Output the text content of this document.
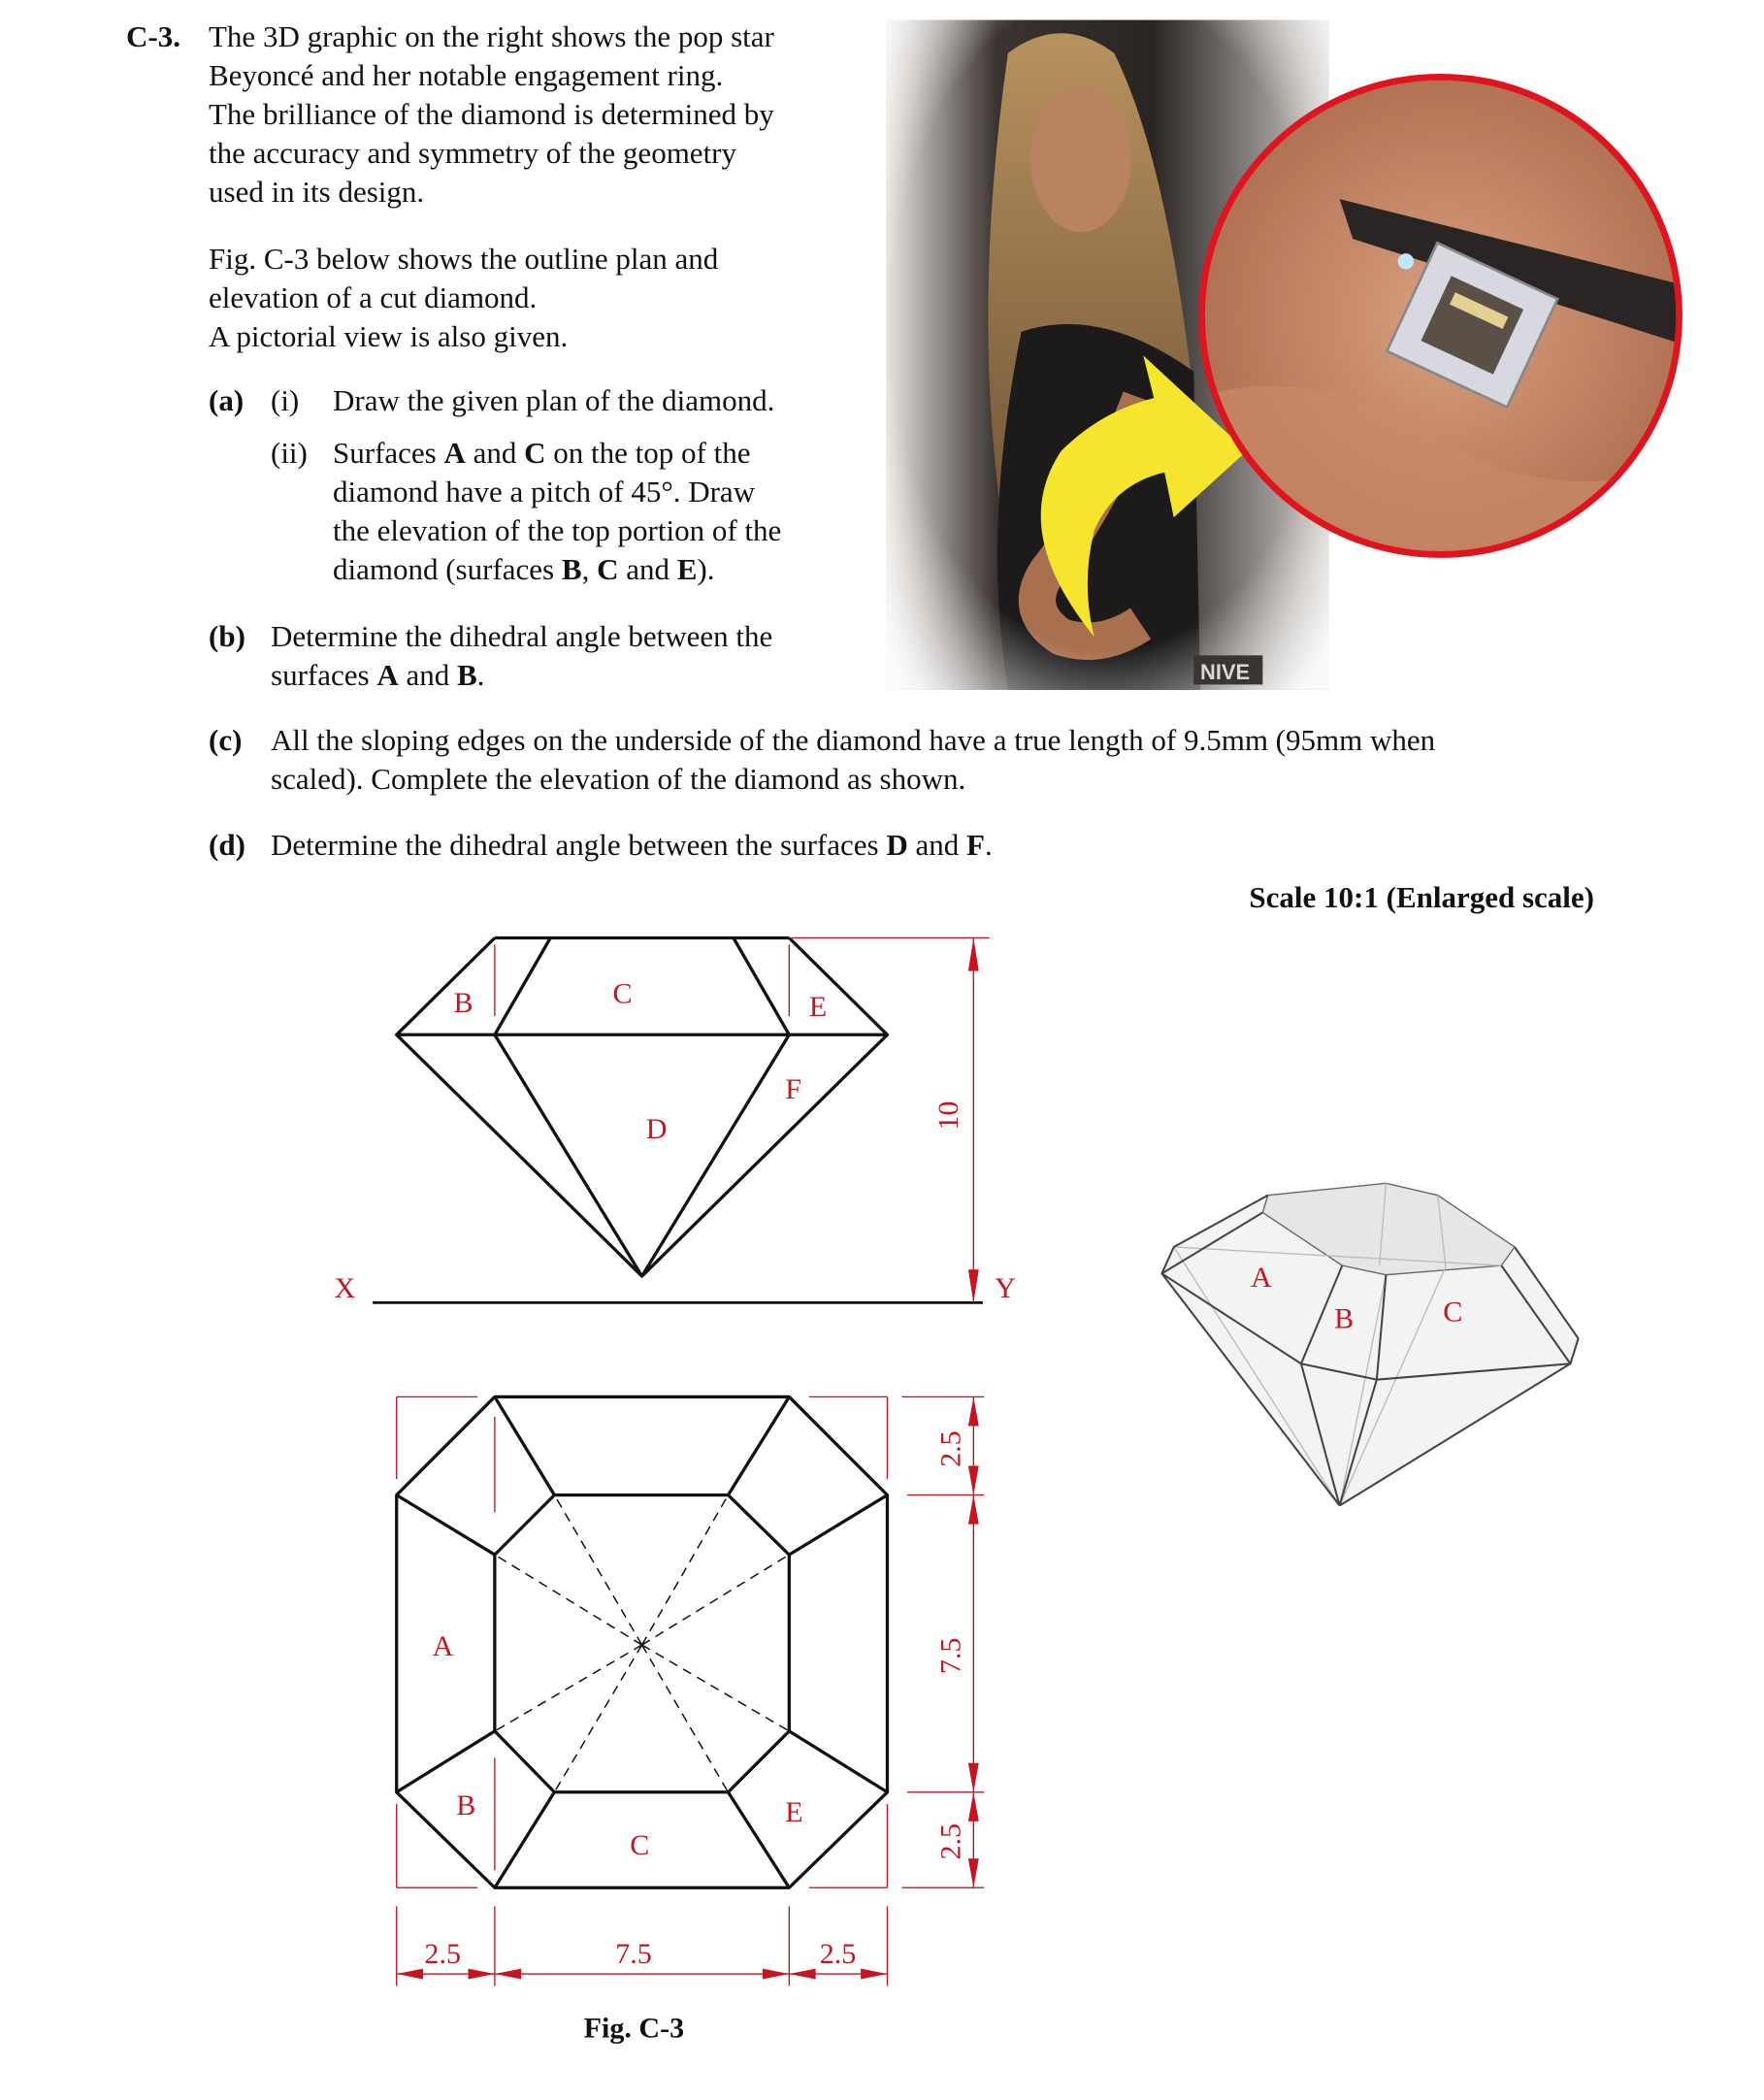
C-3. The 3D graphic on the right shows the pop star
Beyoncé and her notable engagement ring.
The brilliance of the diamond is determined by
the accuracy and symmetry of the geometry
used in its design.
Fig. C-3 below shows the outline plan and
elevation of a cut diamond.
A pictorial view is also given.
(a) (i) Draw the given plan of the diamond.
(ii) Surfaces A and C on the top of the
diamond have a pitch of 45°. Draw
the elevation of the top portion of the
diamond (surfaces B, C and E).
(b) Determine the dihedral angle between the
surfaces A and B.
(c) All the sloping edges on the underside of the diamond have a true length of 9.5mm (95mm when
scaled). Complete the elevation of the diamond as shown.
(d) Determine the dihedral angle between the surfaces D and F.
Scale 10:1 (Enlarged scale)
NIVE
B	C	E
F
D
X	Y
10
A
B
C
E
2.5
7.5
2.5
2.5	7.5	2.5
Fig. C-3
A
B	C
